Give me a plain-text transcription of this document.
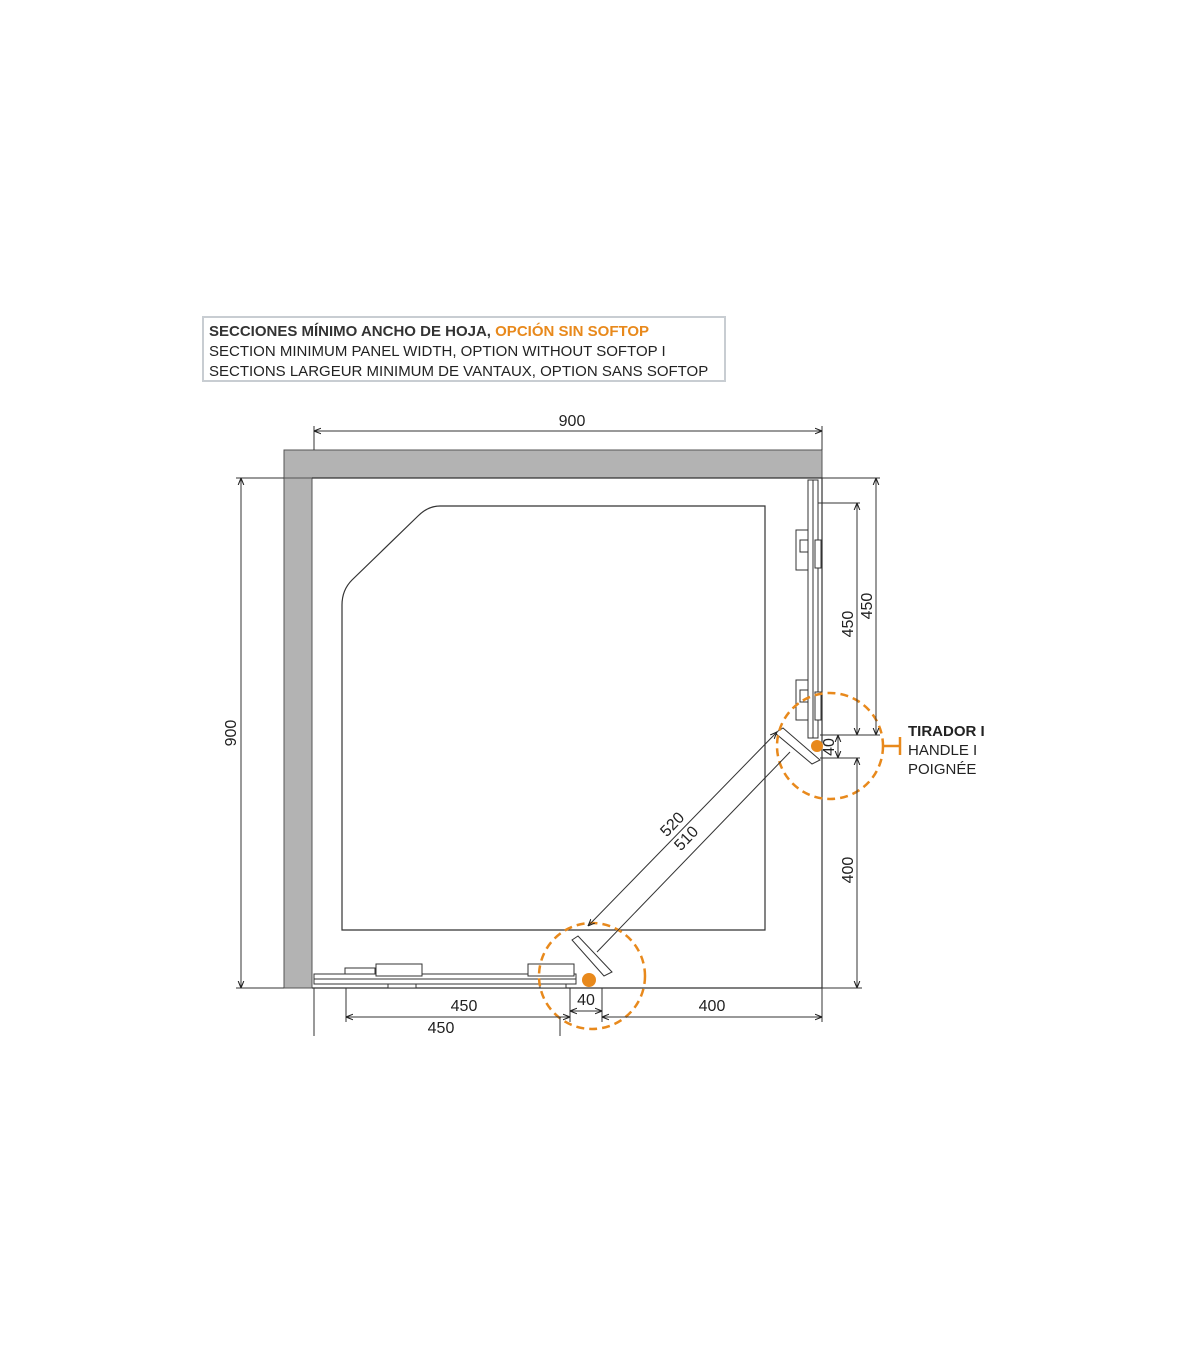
SECCIONES MÍNIMO ANCHO DE HOJA, OPCIÓN SIN SOFTOP
SECTION MINIMUM PANEL WIDTH, OPTION WITHOUT SOFTOP I
SECTIONS LARGEUR MINIMUM DE VANTAUX, OPTION SANS SOFTOP
900
900
450
450
40
400
520
510
450	40	400
450
TIRADOR I
HANDLE I
POIGNÉE
